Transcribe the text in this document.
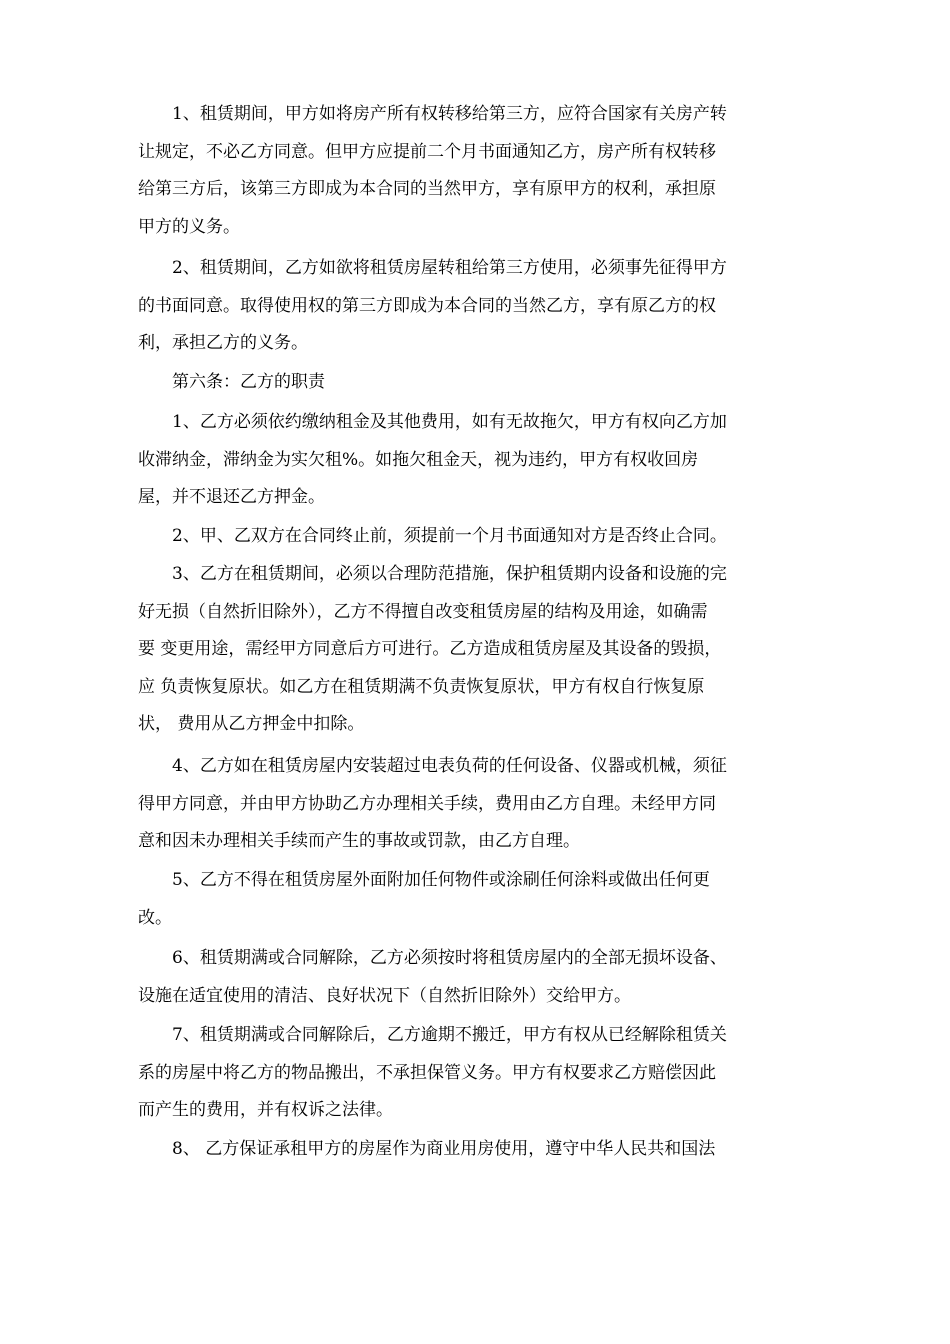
　　1、租赁期间，甲方如将房产所有权转移给第三方，应符合国家有关房产转
让规定，不必乙方同意。但甲方应提前二个月书面通知乙方，房产所有权转移
给第三方后，该第三方即成为本合同的当然甲方，享有原甲方的权利，承担原
甲方的义务。
　　2、租赁期间，乙方如欲将租赁房屋转租给第三方使用，必须事先征得甲方
的书面同意。取得使用权的第三方即成为本合同的当然乙方，享有原乙方的权
利，承担乙方的义务。
　　第六条：乙方的职责
　　1、乙方必须依约缴纳租金及其他费用，如有无故拖欠，甲方有权向乙方加
收滞纳金，滞纳金为实欠租%。如拖欠租金天，视为违约，甲方有权收回房
屋，并不退还乙方押金。
　　2、甲、乙双方在合同终止前，须提前一个月书面通知对方是否终止合同。
　　3、乙方在租赁期间，必须以合理防范措施，保护租赁期内设备和设施的完
好无损（自然折旧除外），乙方不得擅自改变租赁房屋的结构及用途，如确需
要 变更用途，需经甲方同意后方可进行。乙方造成租赁房屋及其设备的毁损，
应 负责恢复原状。如乙方在租赁期满不负责恢复原状，甲方有权自行恢复原
状， 费用从乙方押金中扣除。
　　4、乙方如在租赁房屋内安装超过电表负荷的任何设备、仪器或机械，须征
得甲方同意，并由甲方协助乙方办理相关手续，费用由乙方自理。未经甲方同
意和因未办理相关手续而产生的事故或罚款，由乙方自理。
　　5、乙方不得在租赁房屋外面附加任何物件或涂刷任何涂料或做出任何更
改。
　　6、租赁期满或合同解除，乙方必须按时将租赁房屋内的全部无损坏设备、
设施在适宜使用的清洁、良好状况下（自然折旧除外）交给甲方。
　　7、租赁期满或合同解除后，乙方逾期不搬迁，甲方有权从已经解除租赁关
系的房屋中将乙方的物品搬出，不承担保管义务。甲方有权要求乙方赔偿因此
而产生的费用，并有权诉之法律。
　　8、 乙方保证承租甲方的房屋作为商业用房使用，遵守中华人民共和国法
